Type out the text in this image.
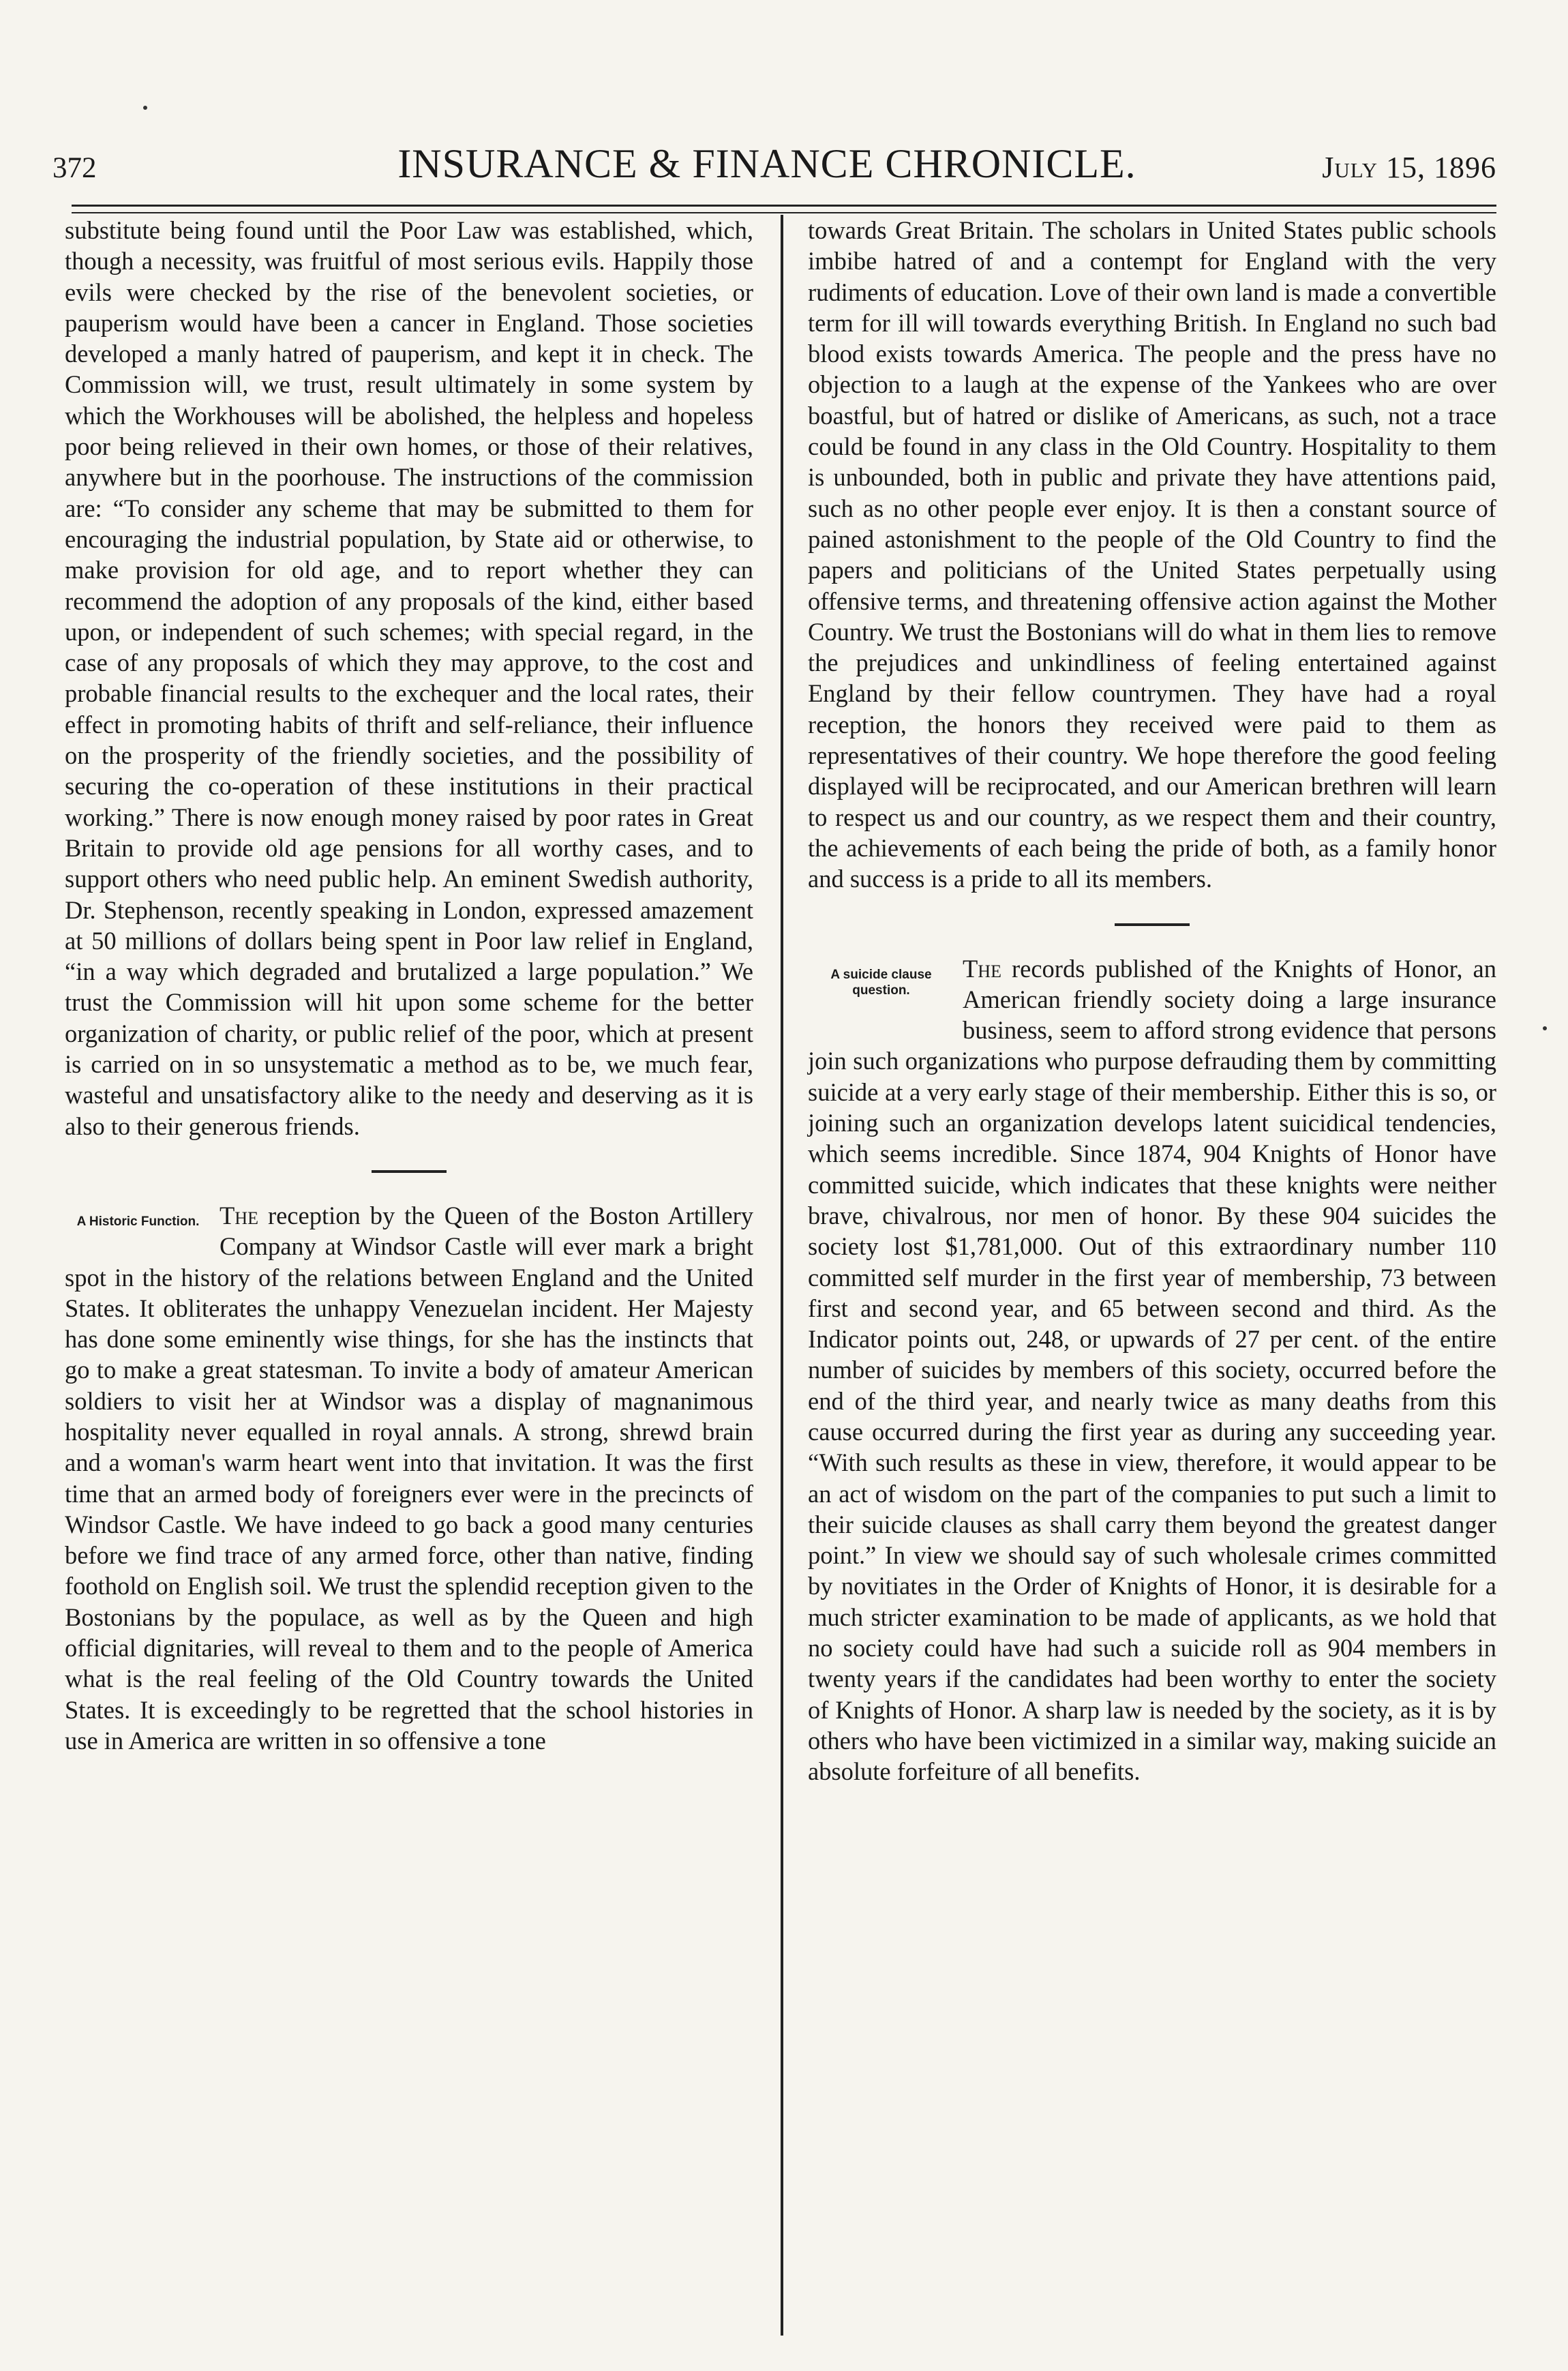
372	INSURANCE & FINANCE CHRONICLE.	July 15, 1896

substitute being found until the Poor Law was established, which, though a necessity, was fruitful of most serious evils. Happily those evils were checked by the rise of the benevolent societies, or pauperism would have been a cancer in England. Those societies developed a manly hatred of pauperism, and kept it in check. The Commission will, we trust, result ultimately in some system by which the Workhouses will be abolished, the helpless and hopeless poor being relieved in their own homes, or those of their relatives, anywhere but in the poorhouse. The instructions of the commission are: “To consider any scheme that may be submitted to them for encouraging the industrial population, by State aid or otherwise, to make provision for old age, and to report whether they can recommend the adoption of any proposals of the kind, either based upon, or independent of such schemes; with special regard, in the case of any proposals of which they may approve, to the cost and probable financial results to the exchequer and the local rates, their effect in promoting habits of thrift and self-reliance, their influence on the prosperity of the friendly societies, and the possibility of securing the co-operation of these institutions in their practical working.” There is now enough money raised by poor rates in Great Britain to provide old age pensions for all worthy cases, and to support others who need public help. An eminent Swedish authority, Dr. Stephenson, recently speaking in London, expressed amazement at 50 millions of dollars being spent in Poor law relief in England, “in a way which degraded and brutalized a large population.” We trust the Commission will hit upon some scheme for the better organization of charity, or public relief of the poor, which at present is carried on in so unsystematic a method as to be, we much fear, wasteful and unsatisfactory alike to the needy and deserving as it is also to their generous friends.

A Historic Function. The reception by the Queen of the Boston Artillery Company at Windsor Castle will ever mark a bright spot in the history of the relations between England and the United States. It obliterates the unhappy Venezuelan incident. Her Majesty has done some eminently wise things, for she has the instincts that go to make a great statesman. To invite a body of amateur American soldiers to visit her at Windsor was a display of magnanimous hospitality never equalled in royal annals. A strong, shrewd brain and a woman's warm heart went into that invitation. It was the first time that an armed body of foreigners ever were in the precincts of Windsor Castle. We have indeed to go back a good many centuries before we find trace of any armed force, other than native, finding foothold on English soil. We trust the splendid reception given to the Bostonians by the populace, as well as by the Queen and high official dignitaries, will reveal to them and to the people of America what is the real feeling of the Old Country towards the United States. It is exceedingly to be regretted that the school histories in use in America are written in so offensive a tone

towards Great Britain. The scholars in United States public schools imbibe hatred of and a contempt for England with the very rudiments of education. Love of their own land is made a convertible term for ill will towards everything British. In England no such bad blood exists towards America. The people and the press have no objection to a laugh at the expense of the Yankees who are over boastful, but of hatred or dislike of Americans, as such, not a trace could be found in any class in the Old Country. Hospitality to them is unbounded, both in public and private they have attentions paid, such as no other people ever enjoy. It is then a constant source of pained astonishment to the people of the Old Country to find the papers and politicians of the United States perpetually using offensive terms, and threatening offensive action against the Mother Country. We trust the Bostonians will do what in them lies to remove the prejudices and unkindliness of feeling entertained against England by their fellow countrymen. They have had a royal reception, the honors they received were paid to them as representatives of their country. We hope therefore the good feeling displayed will be reciprocated, and our American brethren will learn to respect us and our country, as we respect them and their country, the achievements of each being the pride of both, as a family honor and success is a pride to all its members.

A suicide clause question.

The records published of the Knights of Honor, an American friendly society doing a large insurance business, seem to afford strong evidence that persons join such organizations who purpose defrauding them by committing suicide at a very early stage of their membership. Either this is so, or joining such an organization develops latent suicidical tendencies, which seems incredible. Since 1874, 904 Knights of Honor have committed suicide, which indicates that these knights were neither brave, chivalrous, nor men of honor. By these 904 suicides the society lost $1,781,000. Out of this extraordinary number 110 committed self murder in the first year of membership, 73 between first and second year, and 65 between second and third. As the Indicator points out, 248, or upwards of 27 per cent. of the entire number of suicides by members of this society, occurred before the end of the third year, and nearly twice as many deaths from this cause occurred during the first year as during any succeeding year. “With such results as these in view, therefore, it would appear to be an act of wisdom on the part of the companies to put such a limit to their suicide clauses as shall carry them beyond the greatest danger point.” In view we should say of such wholesale crimes committed by novitiates in the Order of Knights of Honor, it is desirable for a much stricter examination to be made of applicants, as we hold that no society could have had such a suicide roll as 904 members in twenty years if the candidates had been worthy to enter the society of Knights of Honor. A sharp law is needed by the society, as it is by others who have been victimized in a similar way, making suicide an absolute forfeiture of all benefits.
